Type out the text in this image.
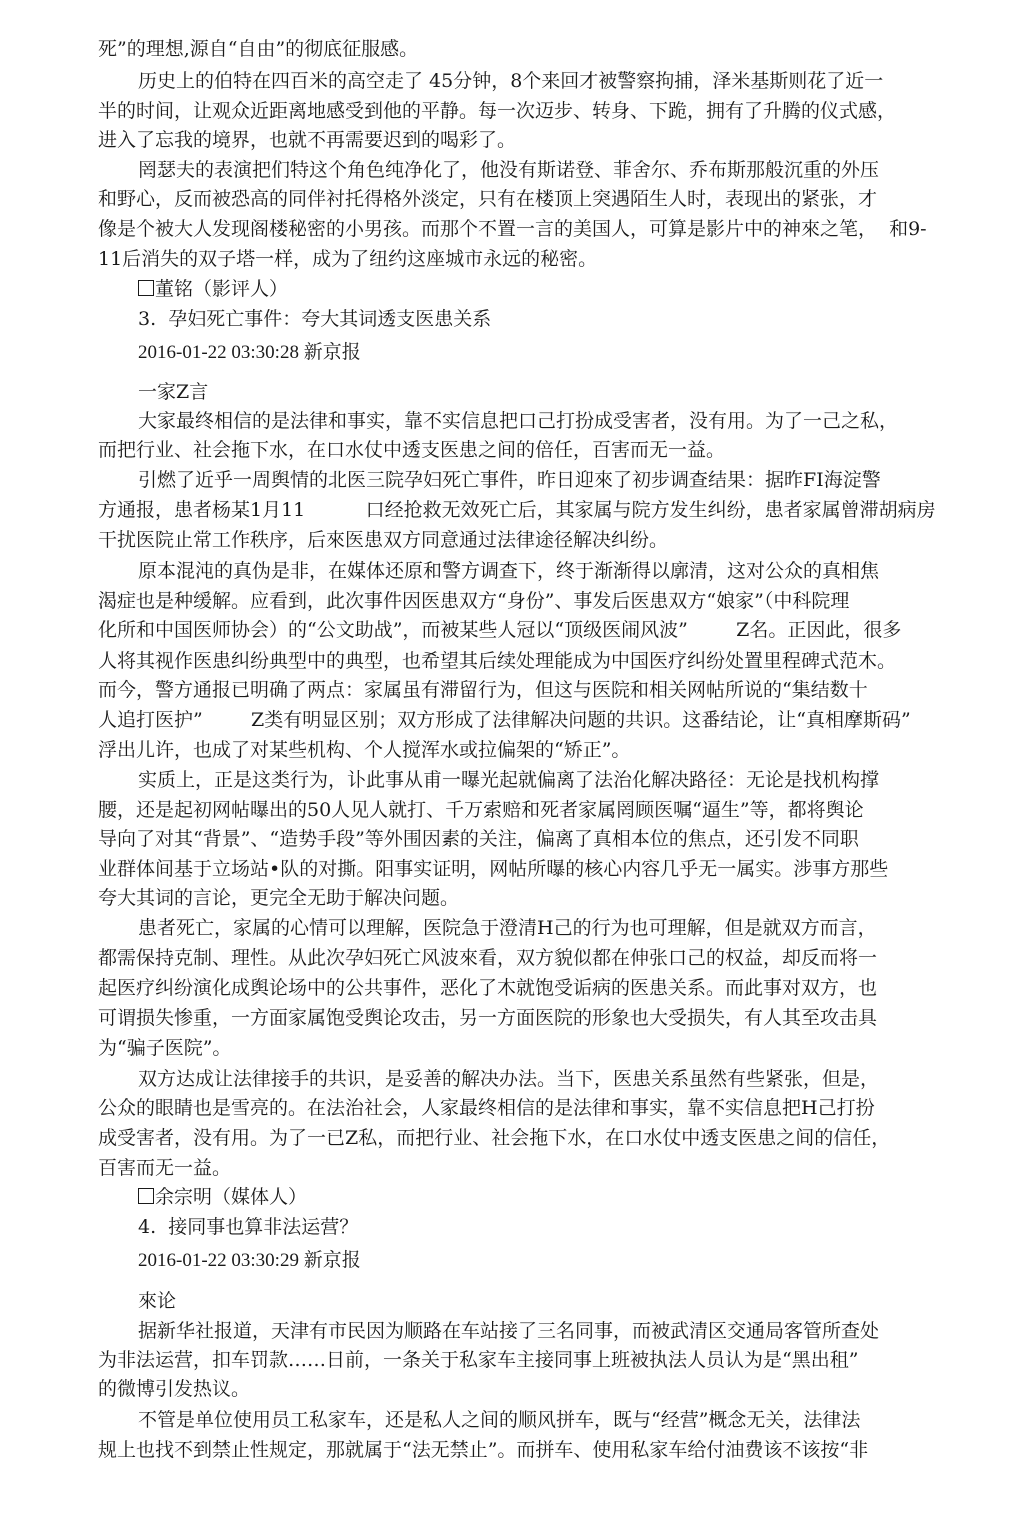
死”的理想,源自“自由”的彻底征服感。
历史上的伯特在四百米的高空走了 45分钟，8个来回才被警察拘捕，泽米基斯则花了近一
半的时间，让观众近距离地感受到他的平静。每一次迈步、转身、下跪，拥有了升腾的仪式感，
进入了忘我的境界，也就不再需要迟到的喝彩了。
罔瑟夫的表演把们特这个角色纯净化了，他没有斯诺登、菲舍尔、乔布斯那般沉重的外压
和野心，反而被恐高的同伴衬托得格外淡定，只有在楼顶上突遇陌生人时，表现出的紧张，才
像是个被大人发现阁楼秘密的小男孩。而那个不置一言的美国人，可算是影片中的神來之笔，  和9-
11后消失的双子塔一样，成为了纽约这座城市永远的秘密。
董铭（影评人）
3.  孕妇死亡事件：夸大其词透支医患关系
2016-01-22 03:30:28 新京报
一家Z言
大家最终相信的是法律和事实，靠不实信息把口己打扮成受害者，没有用。为了一己之私，
而把行业、社会拖下水，在口水仗中透支医患之间的倍任，百害而无一益。
引燃了近乎一周舆情的北医三院孕妇死亡事件，昨日迎來了初步调查结果：据昨FI海淀警
方通报，患者杨某1月11          口经抢救无效死亡后，其家属与院方发生纠纷，患者家属曾滞胡病房
干扰医院止常工作秩序，后來医患双方同意通过法律途径解决纠纷。
原本混沌的真伪是非，在媒体还原和警方调查下，终于渐渐得以廓清，这对公众的真相焦
渴症也是种缓解。应看到，此次事件因医患双方“身份”、事发后医患双方“娘家”（中科院理
化所和中国医师协会）的“公文助战”，而被某些人冠以“顶级医闹风波”        Z名。正因此，很多
人将其视作医患纠纷典型中的典型，也希望其后续处理能成为中国医疗纠纷处置里程碑式范木。
而今，警方通报已明确了两点：家属虽有滞留行为，但这与医院和相关网帖所说的“集结数十
人追打医护”        Z类有明显区别；双方形成了法律解决问题的共识。这番结论，让“真相摩斯码”
浮出儿许，也成了对某些机构、个人搅浑水或拉偏架的“矫正”。
实质上，正是这类行为，讣此事从甫一曝光起就偏离了法治化解决路径：无论是找机构撑
腰，还是起初网帖曝出的50人见人就打、千万索赔和死者家属罔顾医嘱“逼生”等，都将舆论
导向了对其“背景”、“造势手段”等外围因素的关注，偏离了真相本位的焦点，还引发不同职
业群体间基于立场站•队的对撕。阳事实证明，网帖所曝的核心内容几乎无一属实。涉事方那些
夸大其词的言论，更完全无助于解决问题。
患者死亡，家属的心情可以理解，医院急于澄清H己的行为也可理解，但是就双方而言，
都需保持克制、理性。从此次孕妇死亡风波來看，双方貌似都在伸张口己的权益，却反而将一
起医疗纠纷演化成舆论场中的公共事件，恶化了木就饱受诟病的医患关系。而此事对双方，也
可谓损失惨重，一方面家属饱受舆论攻击，另一方面医院的形象也大受损失，有人其至攻击具
为“骗子医院”。
双方达成让法律接手的共识，是妥善的解决办法。当下，医患关系虽然有些紧张，但是，
公众的眼睛也是雪亮的。在法治社会，人家最终相信的是法律和事实，靠不实信息把H己打扮
成受害者，没有用。为了一已Z私，而把行业、社会拖下水，在口水仗中透支医患之间的信任，
百害而无一益。
余宗明（媒体人）
4.  接同事也算非法运营？
2016-01-22 03:30:29 新京报
來论
据新华社报道，天津有市民因为顺路在车站接了三名同事，而被武清区交通局客管所查处
为非法运营，扣车罚款……日前，一条关于私家车主接同事上班被执法人员认为是“黑出租”
的微博引发热议。
不管是单位使用员工私家车，还是私人之间的顺风拼车，既与“经营”概念无关，法律法
规上也找不到禁止性规定，那就属于“法无禁止”。而拼车、使用私家车给付油费该不该按“非
